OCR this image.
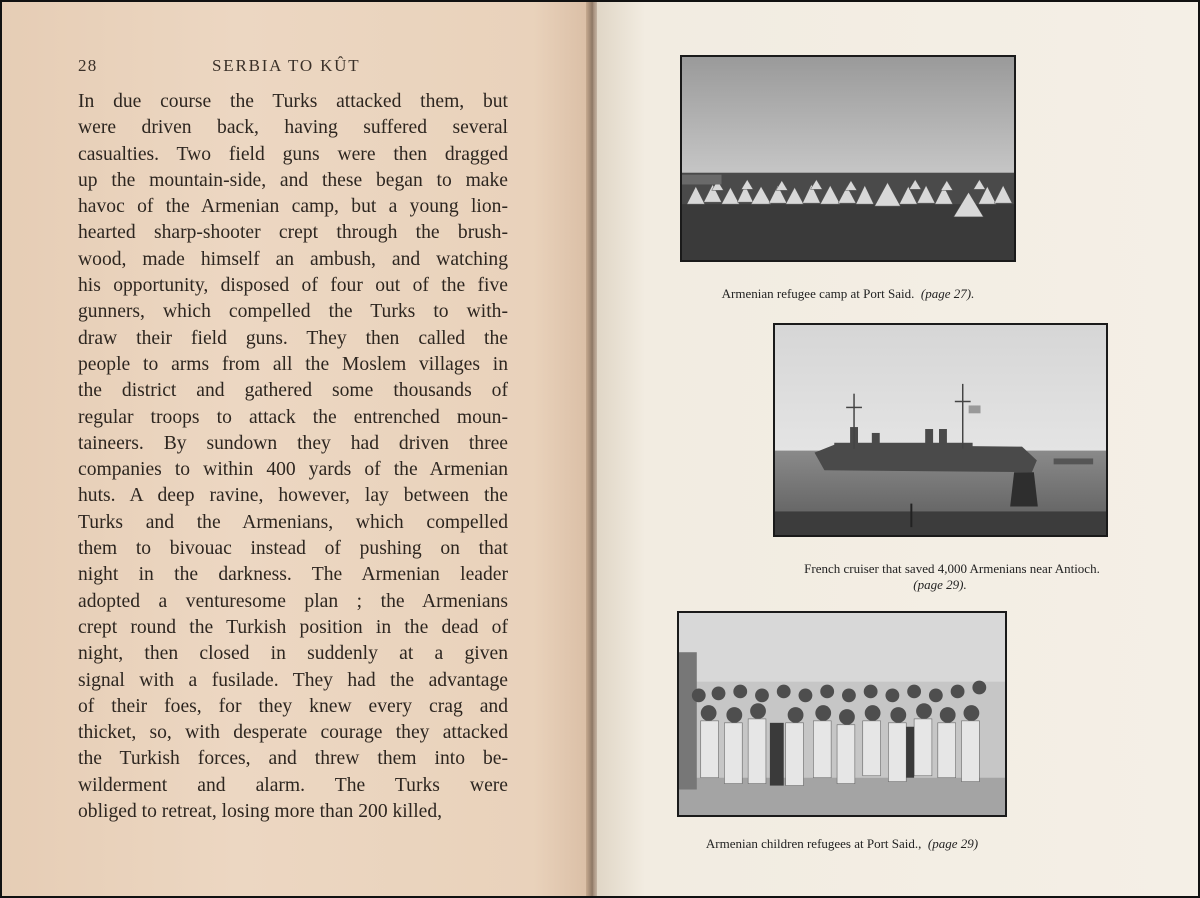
28	SERBIA TO KÛT
In due course the Turks attacked them, but
were driven back, having suffered several
casualties. Two field guns were then dragged
up the mountain-side, and these began to make
havoc of the Armenian camp, but a young lion-
hearted sharp-shooter crept through the brush-
wood, made himself an ambush, and watching
his opportunity, disposed of four out of the five
gunners, which compelled the Turks to with-
draw their field guns. They then called the
people to arms from all the Moslem villages in
the district and gathered some thousands of
regular troops to attack the entrenched moun-
taineers. By sundown they had driven three
companies to within 400 yards of the Armenian
huts. A deep ravine, however, lay between the
Turks and the Armenians, which compelled
them to bivouac instead of pushing on that
night in the darkness. The Armenian leader
adopted a venturesome plan ; the Armenians
crept round the Turkish position in the dead of
night, then closed in suddenly at a given
signal with a fusilade. They had the advantage
of their foes, for they knew every crag and
thicket, so, with desperate courage they attacked
the Turkish forces, and threw them into be-
wilderment and alarm. The Turks were
obliged to retreat, losing more than 200 killed,
Armenian refugee camp at Port Said. (page 27).
French cruiser that saved 4,000 Armenians near Antioch.
(page 29).
Armenian children refugees at Port Said., (page 29)
